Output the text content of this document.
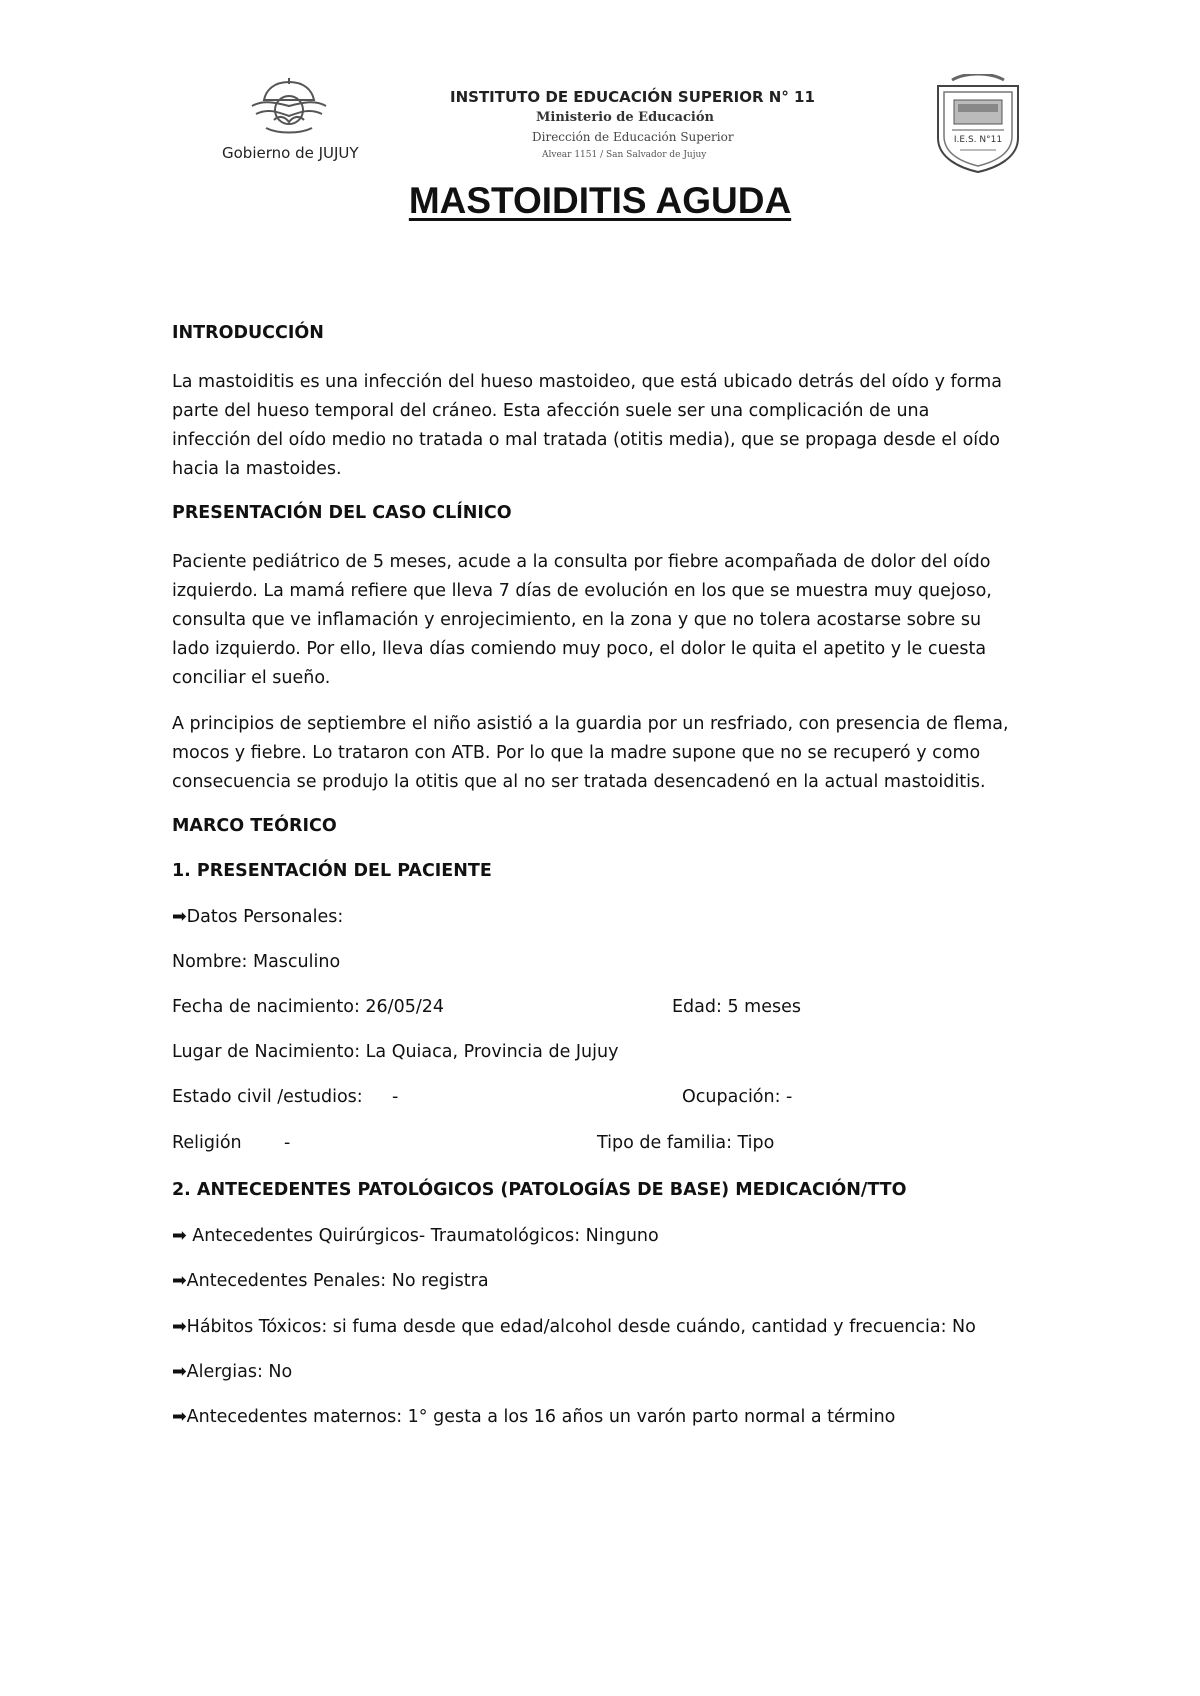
Gobierno de JUJUY
INSTITUTO DE EDUCACIÓN SUPERIOR N° 11
Ministerio de Educación
Dirección de Educación Superior
Alvear 1151 / San Salvador de Jujuy
I.E.S. N°11
MASTOIDITIS AGUDA
INTRODUCCIÓN
La mastoiditis es una infección del hueso mastoideo, que está ubicado detrás del oído y forma
parte del hueso temporal del cráneo. Esta afección suele ser una complicación de una
infección del oído medio no tratada o mal tratada (otitis media), que se propaga desde el oído
hacia la mastoides.
PRESENTACIÓN DEL CASO CLÍNICO
Paciente pediátrico de 5 meses, acude a la consulta por fiebre acompañada de dolor del oído
izquierdo. La mamá refiere que lleva 7 días de evolución en los que se muestra muy quejoso,
consulta que ve inflamación y enrojecimiento, en la zona y que no tolera acostarse sobre su
lado izquierdo. Por ello, lleva días comiendo muy poco, el dolor le quita el apetito y le cuesta
conciliar el sueño.
A principios de septiembre el niño asistió a la guardia por un resfriado, con presencia de flema,
mocos y fiebre. Lo trataron con ATB. Por lo que la madre supone que no se recuperó y como
consecuencia se produjo la otitis que al no ser tratada desencadenó en la actual mastoiditis.
MARCO TEÓRICO
1. PRESENTACIÓN DEL PACIENTE
➡Datos Personales:
Nombre: Masculino
Fecha de nacimiento: 26/05/24	Edad: 5 meses
Lugar de Nacimiento: La Quiaca, Provincia de Jujuy
Estado civil /estudios: -	Ocupación: -
Religión -	Tipo de familia: Tipo
2. ANTECEDENTES PATOLÓGICOS (PATOLOGÍAS DE BASE) MEDICACIÓN/TTO
➡ Antecedentes Quirúrgicos- Traumatológicos: Ninguno
➡Antecedentes Penales: No registra
➡Hábitos Tóxicos: si fuma desde que edad/alcohol desde cuándo, cantidad y frecuencia: No
➡Alergias: No
➡Antecedentes maternos: 1° gesta a los 16 años un varón parto normal a término
